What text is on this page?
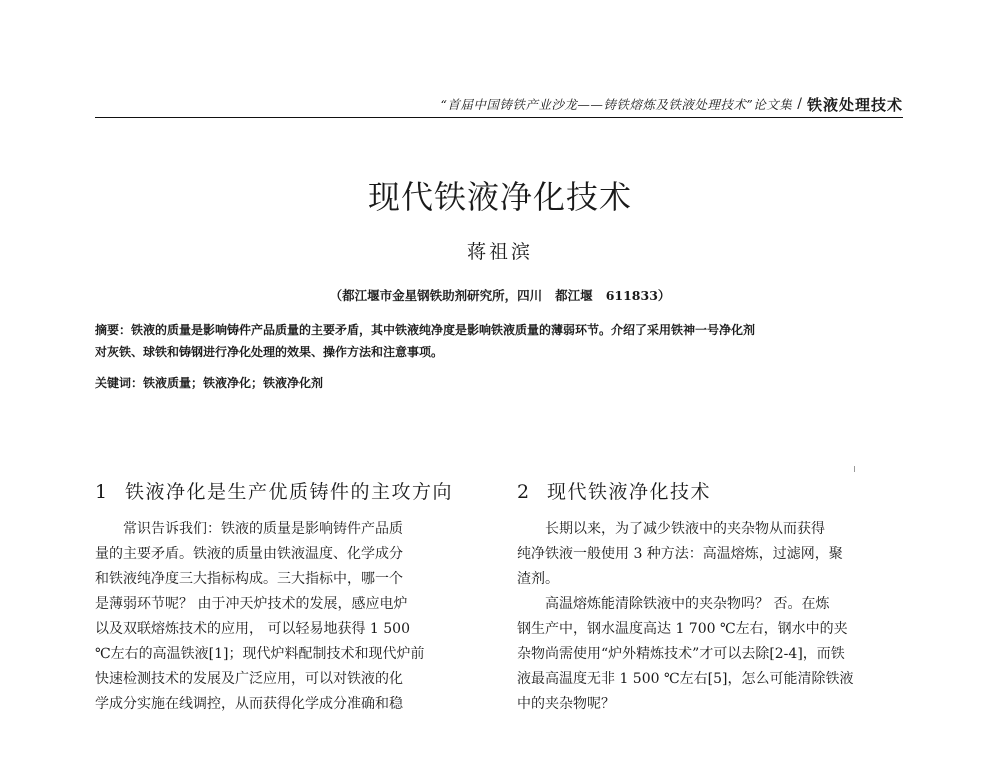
“首届中国铸铁产业沙龙——铸铁熔炼及铁液处理技术”论文集 / 铁液处理技术
现代铁液净化技术
蒋祖滨
（都江堰市金星钢铁助剂研究所，四川   都江堰   611833）

摘要：铁液的质量是影响铸件产品质量的主要矛盾，其中铁液纯净度是影响铁液质量的薄弱环节。介绍了采用铁神一号净化剂
对灰铁、球铁和铸钢进行净化处理的效果、操作方法和注意事项。

关键词：铁液质量；铁液净化；铁液净化剂

1 铁液净化是生产优质铸件的主攻方向

常识告诉我们：铁液的质量是影响铸件产品质
量的主要矛盾。铁液的质量由铁液温度、化学成分
和铁液纯净度三大指标构成。三大指标中，哪一个
是薄弱环节呢？ 由于冲天炉技术的发展，感应电炉
以及双联熔炼技术的应用， 可以轻易地获得 1 500
℃左右的高温铁液[1]；现代炉料配制技术和现代炉前
快速检测技术的发展及广泛应用，可以对铁液的化
学成分实施在线调控，从而获得化学成分准确和稳

2 现代铁液净化技术

长期以来，为了减少铁液中的夹杂物从而获得
纯净铁液一般使用 3 种方法：高温熔炼，过滤网，聚
渣剂。

高温熔炼能清除铁液中的夹杂物吗？ 否。在炼
钢生产中，钢水温度高达 1 700 ℃左右，钢水中的夹
杂物尚需使用“炉外精炼技术”才可以去除[2-4]，而铁
液最高温度无非 1 500 ℃左右[5]，怎么可能清除铁液
中的夹杂物呢？
